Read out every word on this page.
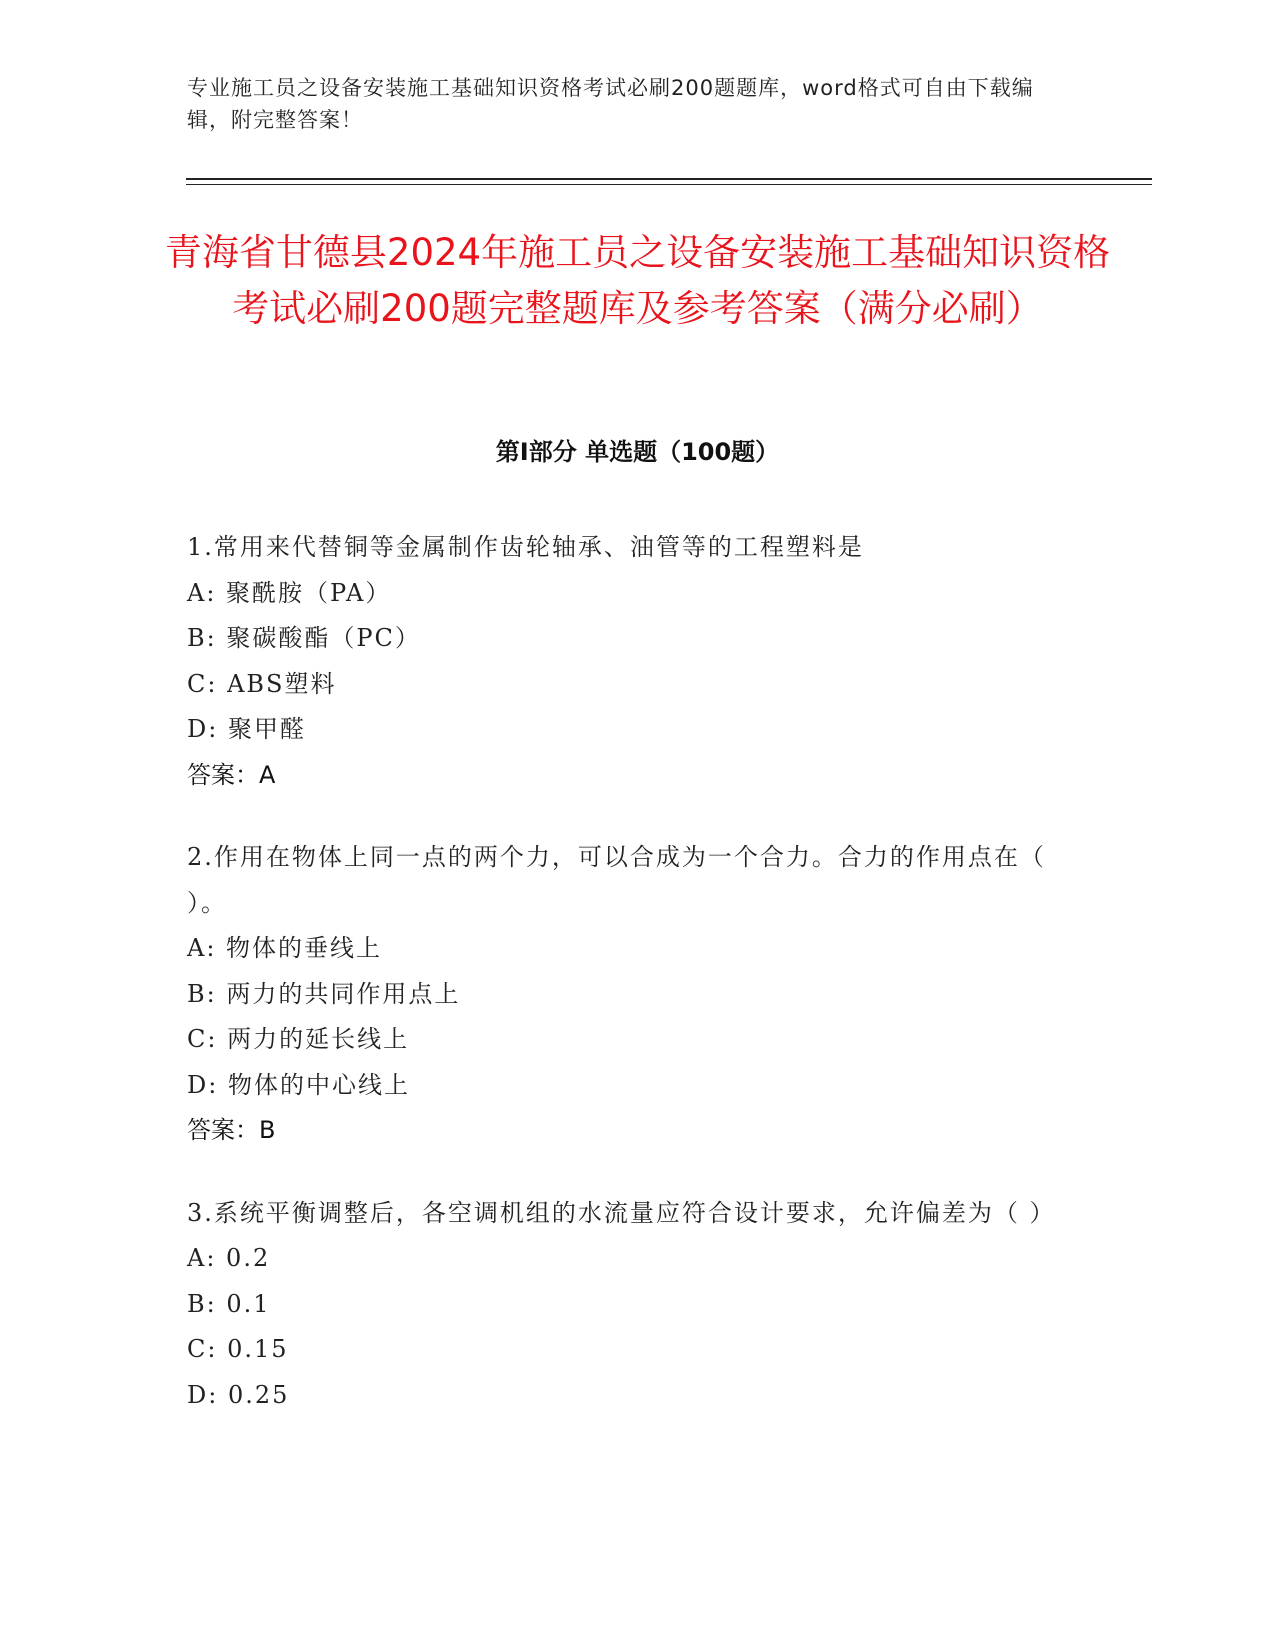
专业施工员之设备安装施工基础知识资格考试必刷200题题库，word格式可自由下载编辑，附完整答案！
青海省甘德县2024年施工员之设备安装施工基础知识资格考试必刷200题完整题库及参考答案（满分必刷）
第Ⅰ部分 单选题（100题）

1.常用来代替铜等金属制作齿轮轴承、油管等的工程塑料是

A: 聚酰胺（PA）
B: 聚碳酸酯（PC）
C: ABS塑料
D: 聚甲醛
答案：A

2.作用在物体上同一点的两个力，可以合成为一个合力。合力的作用点在（ ）。

A: 物体的垂线上
B: 两力的共同作用点上
C: 两力的延长线上
D: 物体的中心线上
答案：B

3.系统平衡调整后，各空调机组的水流量应符合设计要求，允许偏差为（ ）

A: 0.2
B: 0.1
C: 0.15
D: 0.25
